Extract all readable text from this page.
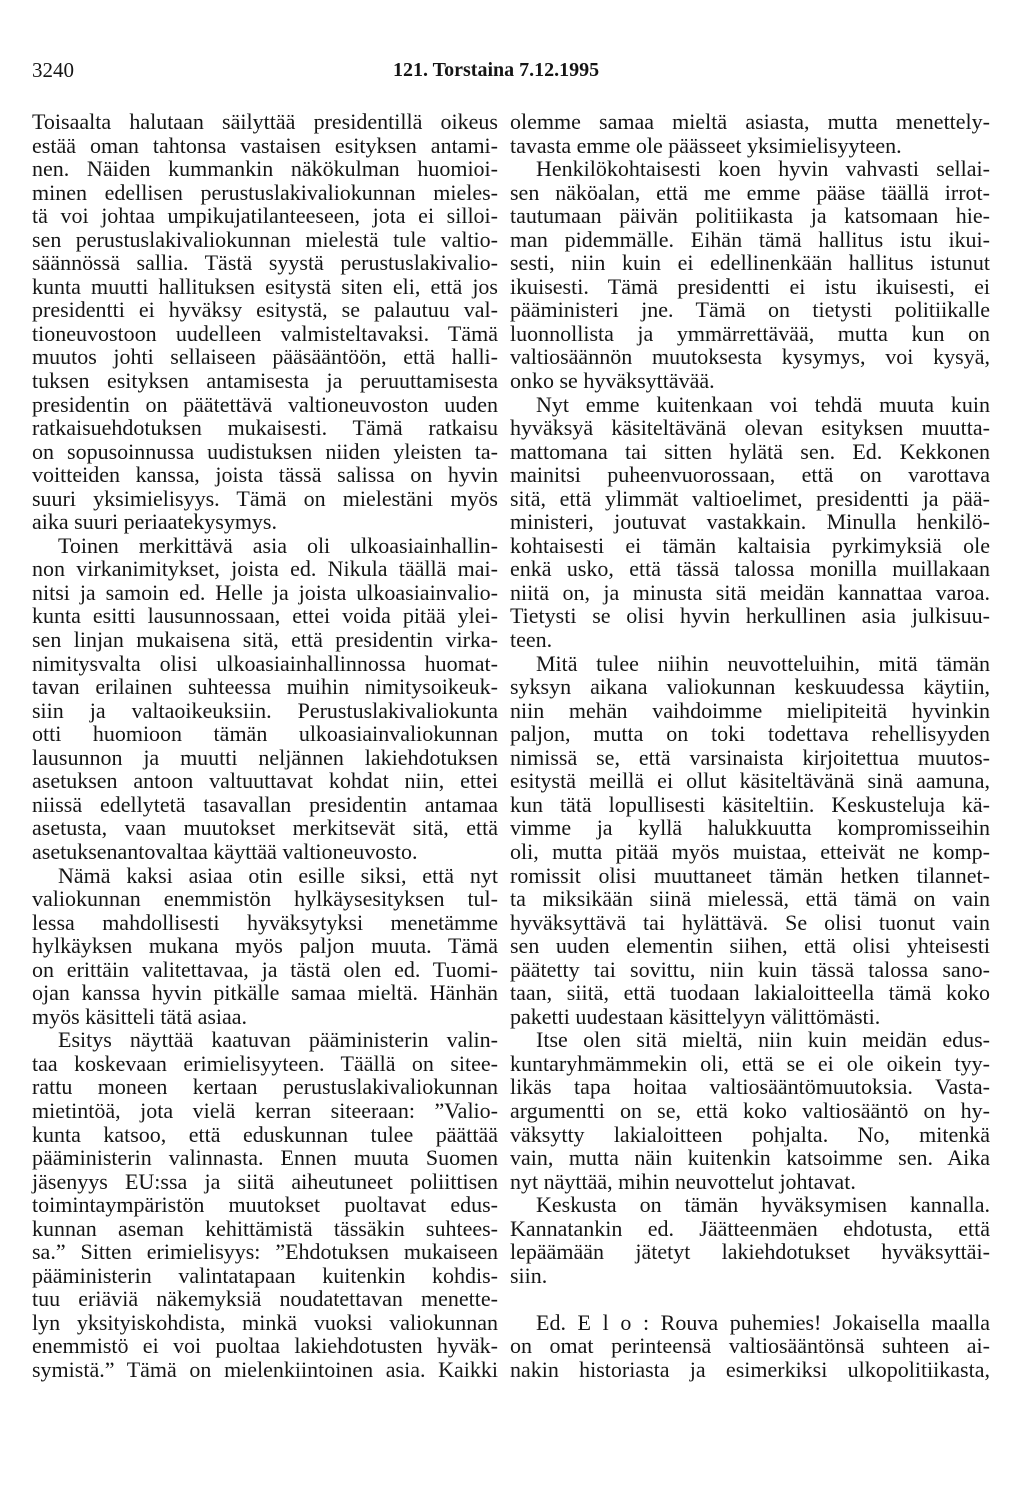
3240	121. Torstaina 7.12.1995
Toisaalta halutaan säilyttää presidentillä oikeus
estää oman tahtonsa vastaisen esityksen antami-
nen. Näiden kummankin näkökulman huomioi-
minen edellisen perustuslakivaliokunnan mieles-
tä voi johtaa umpikujatilanteeseen, jota ei silloi-
sen perustuslakivaliokunnan mielestä tule valtio-
säännössä sallia. Tästä syystä perustuslakivalio-
kunta muutti hallituksen esitystä siten eli, että jos
presidentti ei hyväksy esitystä, se palautuu val-
tioneuvostoon uudelleen valmisteltavaksi. Tämä
muutos johti sellaiseen pääsääntöön, että halli-
tuksen esityksen antamisesta ja peruuttamisesta
presidentin on päätettävä valtioneuvoston uuden
ratkaisuehdotuksen mukaisesti. Tämä ratkaisu
on sopusoinnussa uudistuksen niiden yleisten ta-
voitteiden kanssa, joista tässä salissa on hyvin
suuri yksimielisyys. Tämä on mielestäni myös
aika suuri periaatekysymys.
Toinen merkittävä asia oli ulkoasiainhallin-
non virkanimitykset, joista ed. Nikula täällä mai-
nitsi ja samoin ed. Helle ja joista ulkoasiainvalio-
kunta esitti lausunnossaan, ettei voida pitää ylei-
sen linjan mukaisena sitä, että presidentin virka-
nimitysvalta olisi ulkoasiainhallinnossa huomat-
tavan erilainen suhteessa muihin nimitysoikeuk-
siin ja valtaoikeuksiin. Perustuslakivaliokunta
otti huomioon tämän ulkoasiainvaliokunnan
lausunnon ja muutti neljännen lakiehdotuksen
asetuksen antoon valtuuttavat kohdat niin, ettei
niissä edellytetä tasavallan presidentin antamaa
asetusta, vaan muutokset merkitsevät sitä, että
asetuksenantovaltaa käyttää valtioneuvosto.
Nämä kaksi asiaa otin esille siksi, että nyt
valiokunnan enemmistön hylkäysesityksen tul-
lessa mahdollisesti hyväksytyksi menetämme
hylkäyksen mukana myös paljon muuta. Tämä
on erittäin valitettavaa, ja tästä olen ed. Tuomi-
ojan kanssa hyvin pitkälle samaa mieltä. Hänhän
myös käsitteli tätä asiaa.
Esitys näyttää kaatuvan pääministerin valin-
taa koskevaan erimielisyyteen. Täällä on sitee-
rattu moneen kertaan perustuslakivaliokunnan
mietintöä, jota vielä kerran siteeraan: ”Valio-
kunta katsoo, että eduskunnan tulee päättää
pääministerin valinnasta. Ennen muuta Suomen
jäsenyys EU:ssa ja siitä aiheutuneet poliittisen
toimintaympäristön muutokset puoltavat edus-
kunnan aseman kehittämistä tässäkin suhtees-
sa.” Sitten erimielisyys: ”Ehdotuksen mukaiseen
pääministerin valintatapaan kuitenkin kohdis-
tuu eriäviä näkemyksiä noudatettavan menette-
lyn yksityiskohdista, minkä vuoksi valiokunnan
enemmistö ei voi puoltaa lakiehdotusten hyväk-
symistä.” Tämä on mielenkiintoinen asia. Kaikki
olemme samaa mieltä asiasta, mutta menettely-
tavasta emme ole päässeet yksimielisyyteen.
Henkilökohtaisesti koen hyvin vahvasti sellai-
sen näköalan, että me emme pääse täällä irrot-
tautumaan päivän politiikasta ja katsomaan hie-
man pidemmälle. Eihän tämä hallitus istu ikui-
sesti, niin kuin ei edellinenkään hallitus istunut
ikuisesti. Tämä presidentti ei istu ikuisesti, ei
pääministeri jne. Tämä on tietysti politiikalle
luonnollista ja ymmärrettävää, mutta kun on
valtiosäännön muutoksesta kysymys, voi kysyä,
onko se hyväksyttävää.
Nyt emme kuitenkaan voi tehdä muuta kuin
hyväksyä käsiteltävänä olevan esityksen muutta-
mattomana tai sitten hylätä sen. Ed. Kekkonen
mainitsi puheenvuorossaan, että on varottava
sitä, että ylimmät valtioelimet, presidentti ja pää-
ministeri, joutuvat vastakkain. Minulla henkilö-
kohtaisesti ei tämän kaltaisia pyrkimyksiä ole
enkä usko, että tässä talossa monilla muillakaan
niitä on, ja minusta sitä meidän kannattaa varoa.
Tietysti se olisi hyvin herkullinen asia julkisuu-
teen.
Mitä tulee niihin neuvotteluihin, mitä tämän
syksyn aikana valiokunnan keskuudessa käytiin,
niin mehän vaihdoimme mielipiteitä hyvinkin
paljon, mutta on toki todettava rehellisyyden
nimissä se, että varsinaista kirjoitettua muutos-
esitystä meillä ei ollut käsiteltävänä sinä aamuna,
kun tätä lopullisesti käsiteltiin. Keskusteluja kä-
vimme ja kyllä halukkuutta kompromisseihin
oli, mutta pitää myös muistaa, etteivät ne komp-
romissit olisi muuttaneet tämän hetken tilannet-
ta miksikään siinä mielessä, että tämä on vain
hyväksyttävä tai hylättävä. Se olisi tuonut vain
sen uuden elementin siihen, että olisi yhteisesti
päätetty tai sovittu, niin kuin tässä talossa sano-
taan, siitä, että tuodaan lakialoitteella tämä koko
paketti uudestaan käsittelyyn välittömästi.
Itse olen sitä mieltä, niin kuin meidän edus-
kuntaryhmämmekin oli, että se ei ole oikein tyy-
likäs tapa hoitaa valtiosääntömuutoksia. Vasta-
argumentti on se, että koko valtiosääntö on hy-
väksytty lakialoitteen pohjalta. No, mitenkä
vain, mutta näin kuitenkin katsoimme sen. Aika
nyt näyttää, mihin neuvottelut johtavat.
Keskusta on tämän hyväksymisen kannalla.
Kannatankin ed. Jäätteenmäen ehdotusta, että
lepäämään jätetyt lakiehdotukset hyväksyttäi-
siin.
Ed. E l o : Rouva puhemies! Jokaisella maalla
on omat perinteensä valtiosääntönsä suhteen ai-
nakin historiasta ja esimerkiksi ulkopolitiikasta,
